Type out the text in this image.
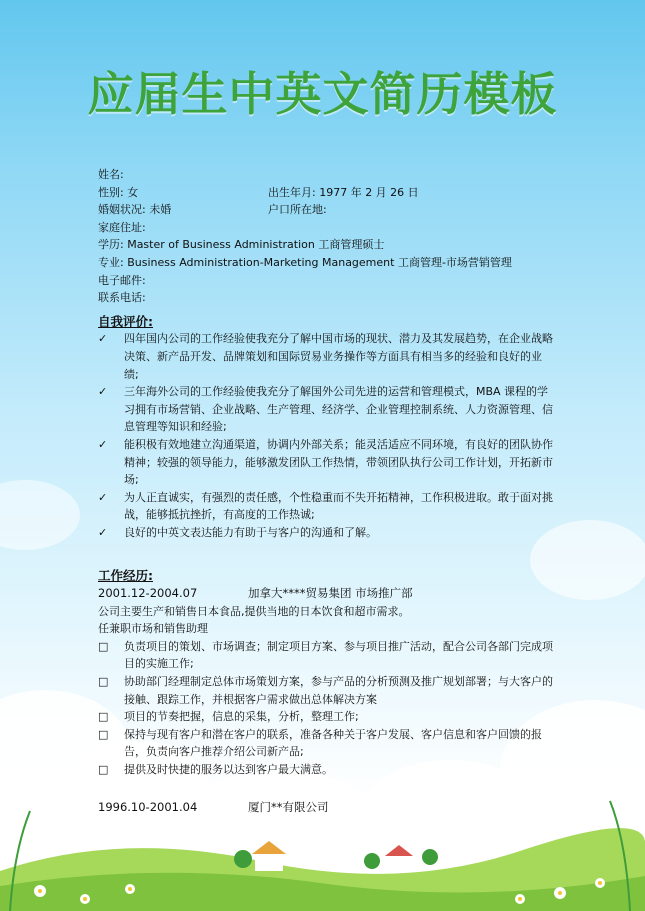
应届生中英文简历模板
姓名:
性别: 女	出生年月: 1977 年 2 月 26 日
婚姻状况: 未婚	户口所在地:
家庭住址:
学历: Master of Business Administration 工商管理硕士
专业: Business Administration-Marketing Management 工商管理-市场营销管理
电子邮件:
联系电话:
自我评价:
✓	四年国内公司的工作经验使我充分了解中国市场的现状、潜力及其发展趋势，在企业战略决策、新产品开发、品牌策划和国际贸易业务操作等方面具有相当多的经验和良好的业绩;
✓	三年海外公司的工作经验使我充分了解国外公司先进的运营和管理模式，MBA 课程的学习拥有市场营销、企业战略、生产管理、经济学、企业管理控制系统、人力资源管理、信息管理等知识和经验;
✓	能积极有效地建立沟通渠道，协调内外部关系；能灵活适应不同环境，有良好的团队协作精神；较强的领导能力，能够激发团队工作热情，带领团队执行公司工作计划，开拓新市场;
✓	为人正直诚实，有强烈的责任感，个性稳重而不失开拓精神，工作积极进取。敢于面对挑战，能够抵抗挫折，有高度的工作热诚;
✓	良好的中英文表达能力有助于与客户的沟通和了解。
工作经历:
2001.12-2004.07	加拿大****贸易集团 市场推广部
公司主要生产和销售日本食品,提供当地的日本饮食和超市需求。
任兼职市场和销售助理
□	负责项目的策划、市场调查；制定项目方案、参与项目推广活动，配合公司各部门完成项目的实施工作;
□	协助部门经理制定总体市场策划方案，参与产品的分析预测及推广规划部署；与大客户的接触、跟踪工作，并根据客户需求做出总体解决方案
□	项目的节奏把握，信息的采集，分析，整理工作;
□	保持与现有客户和潜在客户的联系，准备各种关于客户发展、客户信息和客户回馈的报告，负责向客户推荐介绍公司新产品;
□	提供及时快捷的服务以达到客户最大满意。
1996.10-2001.04	厦门**有限公司
